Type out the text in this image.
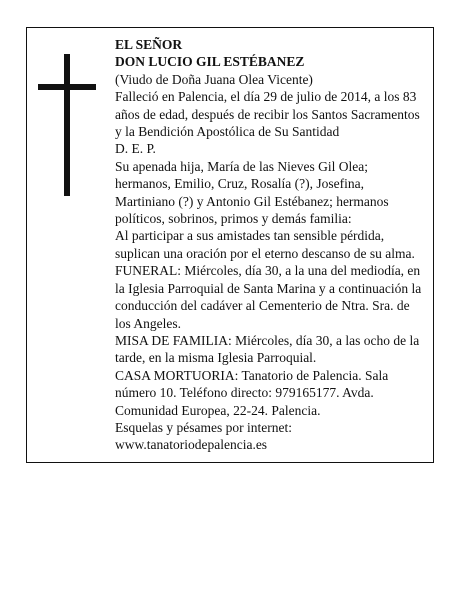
EL SEÑOR

DON LUCIO GIL ESTÉBANEZ

(Viudo de Doña Juana Olea Vicente)

Falleció en Palencia, el día 29 de julio de 2014, a los 83 años de edad, después de recibir los Santos Sacramentos y la Bendición Apostólica de Su Santidad

D. E. P.

Su apenada hija, María de las Nieves Gil Olea; hermanos, Emilio, Cruz, Rosalía (?), Josefina, Martiniano (?) y Antonio Gil Estébanez; hermanos políticos, sobrinos, primos y demás familia:

Al participar a sus amistades tan sensible pérdida, suplican una oración por el eterno descanso de su alma.

FUNERAL: Miércoles, día 30, a la una del mediodía, en la Iglesia Parroquial de Santa Marina y a continuación la conducción del cadáver al Cementerio de Ntra. Sra. de los Angeles.

MISA DE FAMILIA: Miércoles, día 30, a las ocho de la tarde, en la misma Iglesia Parroquial.

CASA MORTUORIA: Tanatorio de Palencia. Sala número 10. Teléfono directo: 979165177. Avda. Comunidad Europea, 22-24. Palencia.

Esquelas y pésames por internet:

www.tanatoriodepalencia.es
